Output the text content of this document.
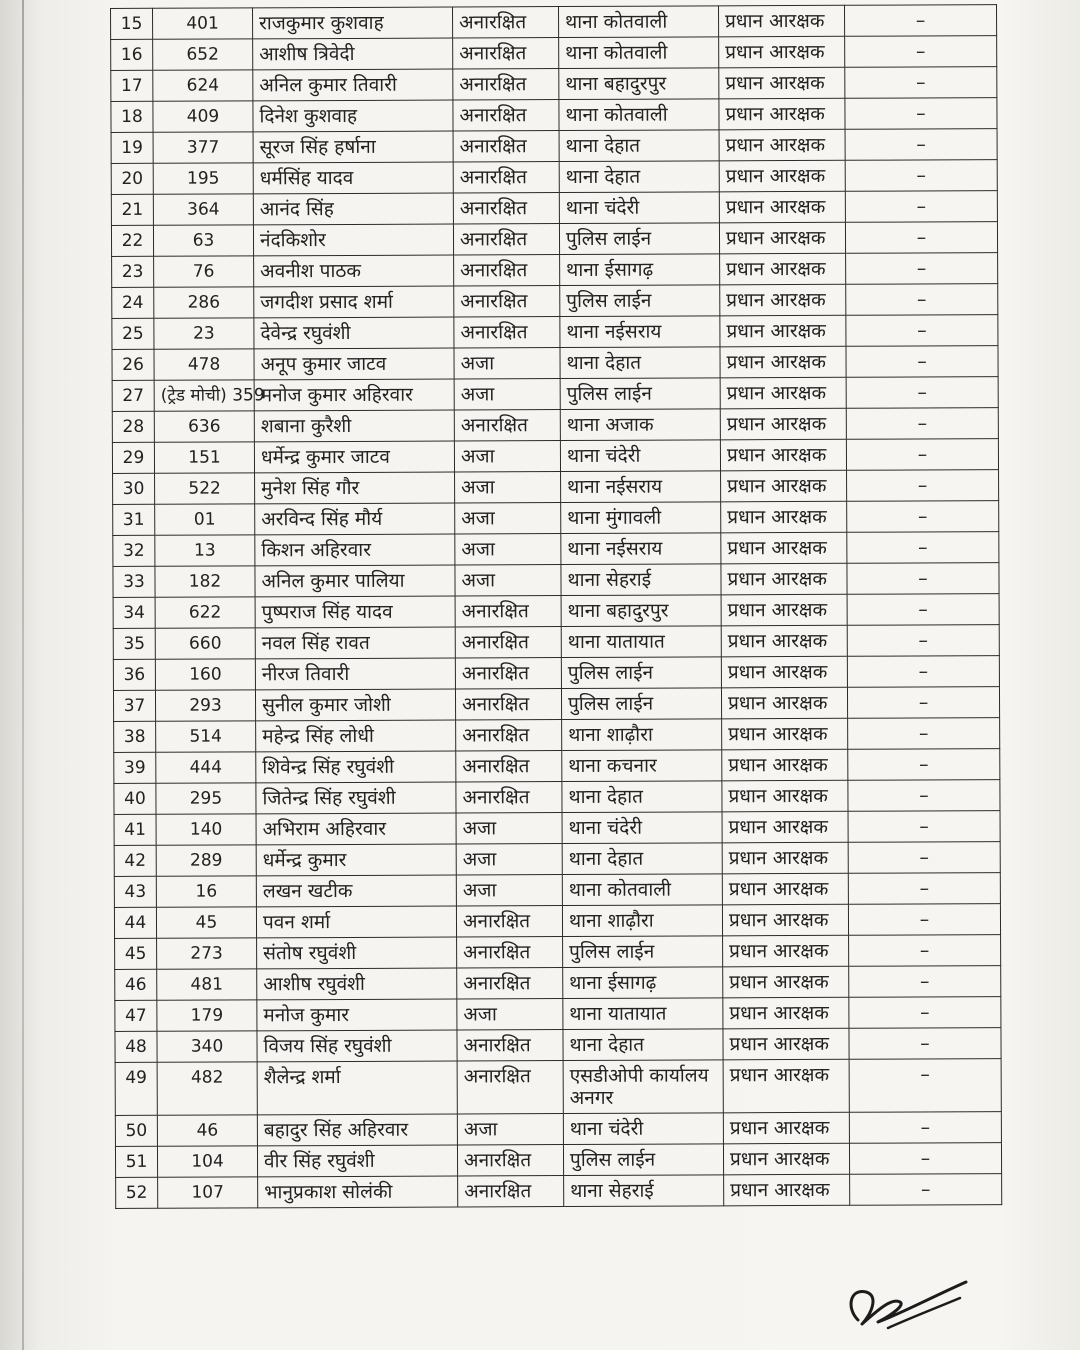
15	401	राजकुमार कुशवाह	अनारक्षित	थाना कोतवाली	प्रधान आरक्षक	–
16	652	आशीष त्रिवेदी	अनारक्षित	थाना कोतवाली	प्रधान आरक्षक	–
17	624	अनिल कुमार तिवारी	अनारक्षित	थाना बहादुरपुर	प्रधान आरक्षक	–
18	409	दिनेश कुशवाह	अनारक्षित	थाना कोतवाली	प्रधान आरक्षक	–
19	377	सूरज सिंह हर्षाना	अनारक्षित	थाना देहात	प्रधान आरक्षक	–
20	195	धर्मसिंह यादव	अनारक्षित	थाना देहात	प्रधान आरक्षक	–
21	364	आनंद सिंह	अनारक्षित	थाना चंदेरी	प्रधान आरक्षक	–
22	63	नंदकिशोर	अनारक्षित	पुलिस लाईन	प्रधान आरक्षक	–
23	76	अवनीश पाठक	अनारक्षित	थाना ईसागढ़	प्रधान आरक्षक	–
24	286	जगदीश प्रसाद शर्मा	अनारक्षित	पुलिस लाईन	प्रधान आरक्षक	–
25	23	देवेन्द्र रघुवंशी	अनारक्षित	थाना नईसराय	प्रधान आरक्षक	–
26	478	अनूप कुमार जाटव	अजा	थाना देहात	प्रधान आरक्षक	–
27	(ट्रेड मोची) 359	मनोज कुमार अहिरवार	अजा	पुलिस लाईन	प्रधान आरक्षक	–
28	636	शबाना कुरैशी	अनारक्षित	थाना अजाक	प्रधान आरक्षक	–
29	151	धर्मेन्द्र कुमार जाटव	अजा	थाना चंदेरी	प्रधान आरक्षक	–
30	522	मुनेश सिंह गौर	अजा	थाना नईसराय	प्रधान आरक्षक	–
31	01	अरविन्द सिंह मौर्य	अजा	थाना मुंगावली	प्रधान आरक्षक	–
32	13	किशन अहिरवार	अजा	थाना नईसराय	प्रधान आरक्षक	–
33	182	अनिल कुमार पालिया	अजा	थाना सेहराई	प्रधान आरक्षक	–
34	622	पुष्पराज सिंह यादव	अनारक्षित	थाना बहादुरपुर	प्रधान आरक्षक	–
35	660	नवल सिंह रावत	अनारक्षित	थाना यातायात	प्रधान आरक्षक	–
36	160	नीरज तिवारी	अनारक्षित	पुलिस लाईन	प्रधान आरक्षक	–
37	293	सुनील कुमार जोशी	अनारक्षित	पुलिस लाईन	प्रधान आरक्षक	–
38	514	महेन्द्र सिंह लोधी	अनारक्षित	थाना शाढ़ौरा	प्रधान आरक्षक	–
39	444	शिवेन्द्र सिंह रघुवंशी	अनारक्षित	थाना कचनार	प्रधान आरक्षक	–
40	295	जितेन्द्र सिंह रघुवंशी	अनारक्षित	थाना देहात	प्रधान आरक्षक	–
41	140	अभिराम अहिरवार	अजा	थाना चंदेरी	प्रधान आरक्षक	–
42	289	धर्मेन्द्र कुमार	अजा	थाना देहात	प्रधान आरक्षक	–
43	16	लखन खटीक	अजा	थाना कोतवाली	प्रधान आरक्षक	–
44	45	पवन शर्मा	अनारक्षित	थाना शाढ़ौरा	प्रधान आरक्षक	–
45	273	संतोष रघुवंशी	अनारक्षित	पुलिस लाईन	प्रधान आरक्षक	–
46	481	आशीष रघुवंशी	अनारक्षित	थाना ईसागढ़	प्रधान आरक्षक	–
47	179	मनोज कुमार	अजा	थाना यातायात	प्रधान आरक्षक	–
48	340	विजय सिंह रघुवंशी	अनारक्षित	थाना देहात	प्रधान आरक्षक	–
49	482	शैलेन्द्र शर्मा	अनारक्षित	एसडीओपी कार्यालय अनगर	प्रधान आरक्षक	–
50	46	बहादुर सिंह अहिरवार	अजा	थाना चंदेरी	प्रधान आरक्षक	–
51	104	वीर सिंह रघुवंशी	अनारक्षित	पुलिस लाईन	प्रधान आरक्षक	–
52	107	भानुप्रकाश सोलंकी	अनारक्षित	थाना सेहराई	प्रधान आरक्षक	–
